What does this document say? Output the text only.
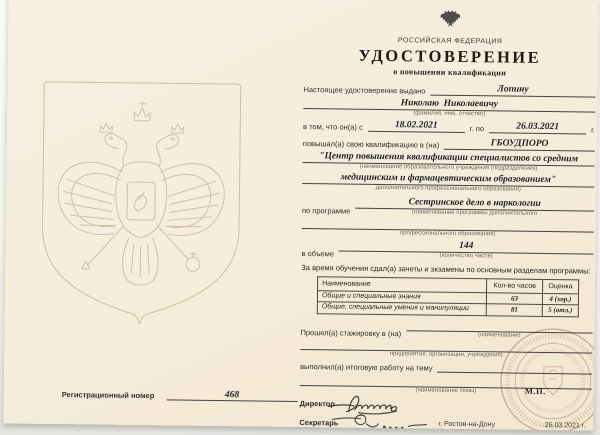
Регистрационный номер	468
РОССИЙСКАЯ ФЕДЕРАЦИЯ
УДОСТОВЕРЕНИЕ
о повышении квалификации
Настоящее удостоверение выдано	Лопину
Николаю  Николаевичу
(фамилия, имя, отчество)
в том, что он(а) с	18.02.2021	г. по	26.03.2021	г.
повышал(а) свою квалификацию в (на)	ГБОУДПОРО
"Центр повышения квалификации специалистов со средним
(наименование образовательного учреждения (подразделения)
медицинским и фармацевтическим образованием"
дополнительного профессионального образования)
по программе
Сестринское дело в наркологии
(наименование программы дополнительного
профессионального образования)
в объеме
144
(количество часов)
За время обучения сдал(а) зачеты и экзамены по основным разделам программы:
Наименование	Кол-во часов	Оценка
Общие и специальные знания	63	4 (хор.)
Общие, специальные умения и манипуляции	81	5 (отл.)
Прошел(а) стажировку в (на)	(наименование
предприятия, организации, учреждения)
выполнил(а) итоговую работу на тему
(наименование темы)
Директор
Секретарь	г. Ростов-на-Дону	26.03.2021 г.
М.П.
